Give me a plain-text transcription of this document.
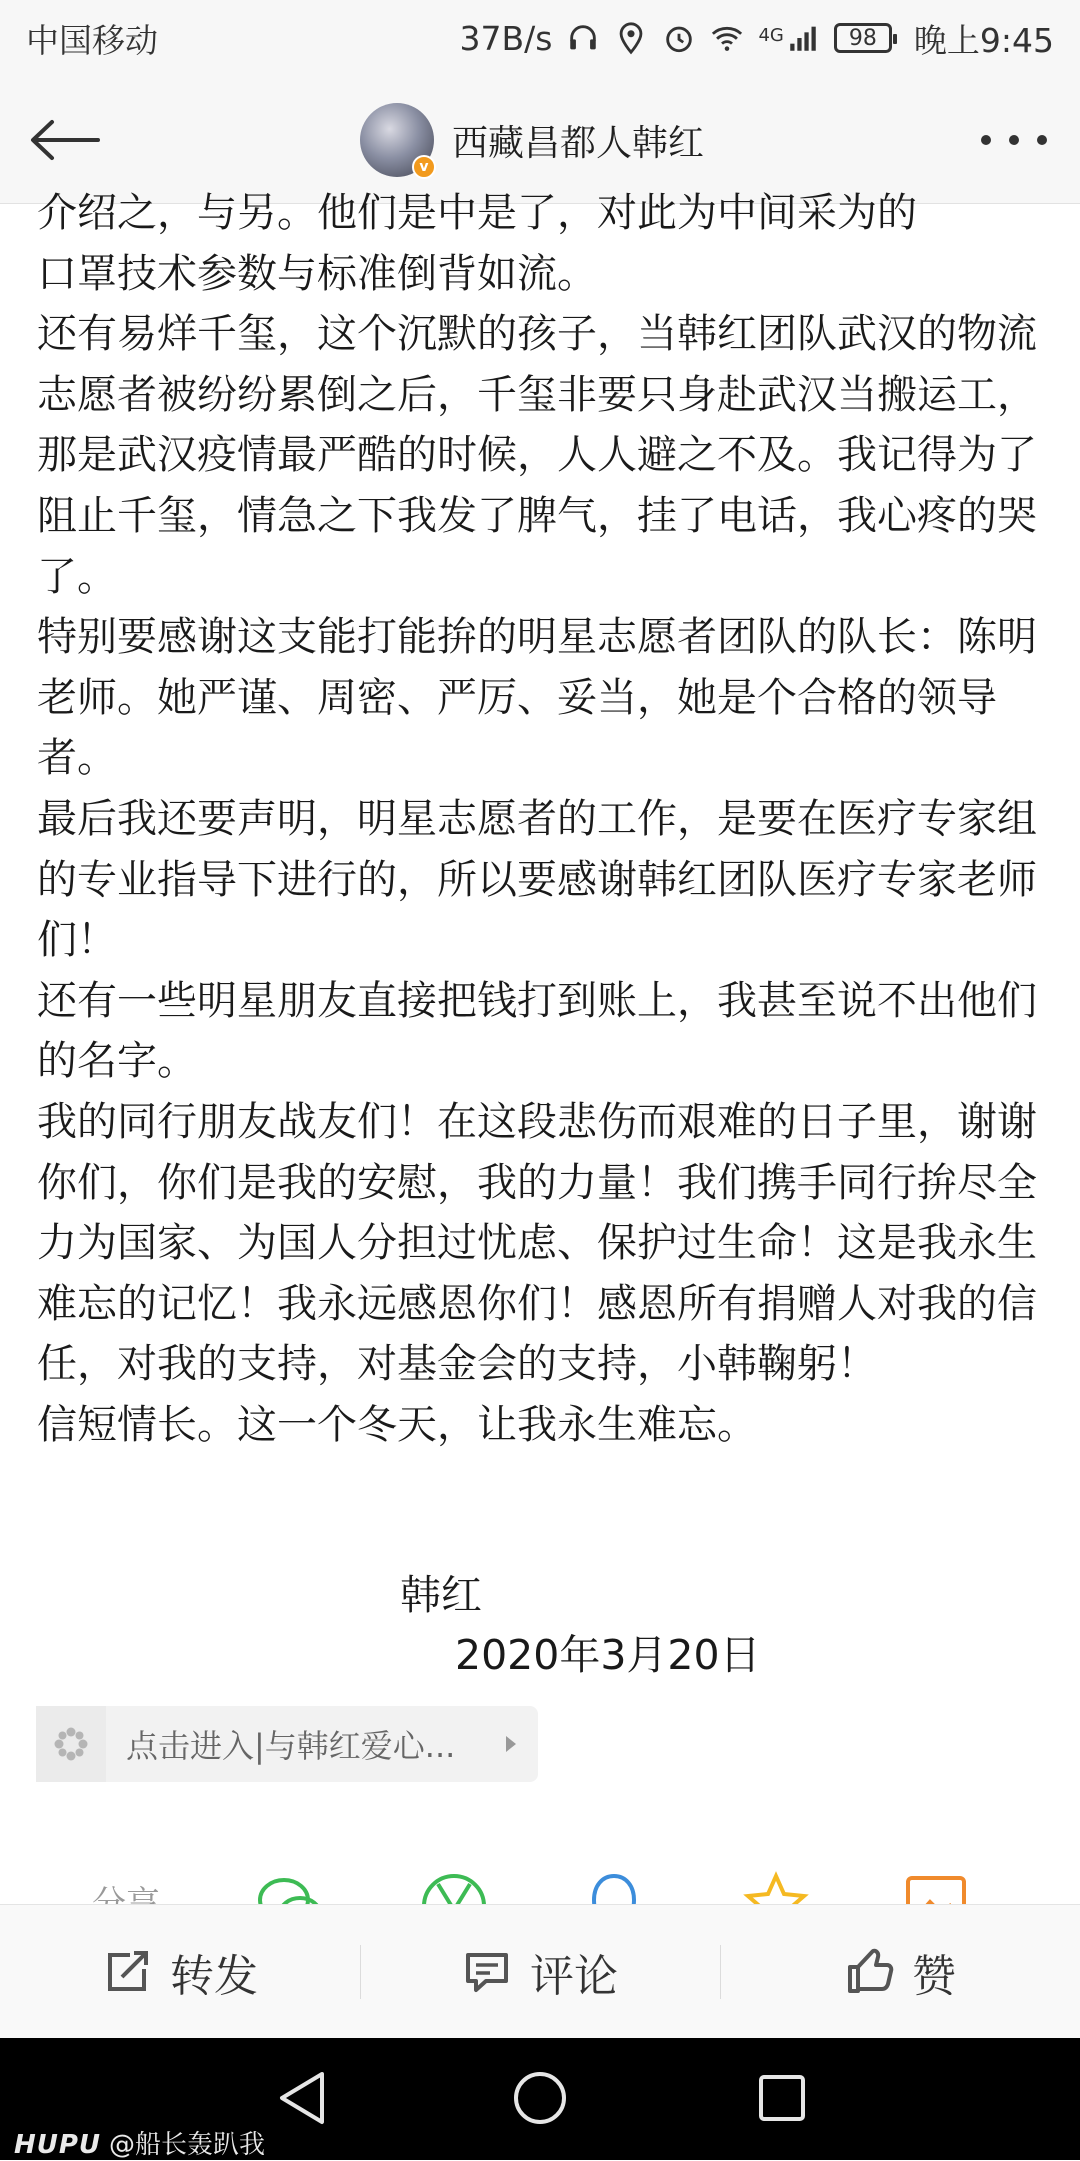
中国移动	37B/s	4G	98	晚上9:45
v
西藏昌都人韩红
介绍之，与另。他们是中是了，对此为中间采为的
口罩技术参数与标准倒背如流。
还有易烊千玺，这个沉默的孩子，当韩红团队武汉的物流志愿者被纷纷累倒之后，千玺非要只身赴武汉当搬运工，那是武汉疫情最严酷的时候，人人避之不及。我记得为了阻止千玺，情急之下我发了脾气，挂了电话，我心疼的哭了。
特别要感谢这支能打能拚的明星志愿者团队的队长：陈明老师。她严谨、周密、严厉、妥当，她是个合格的领导者。
最后我还要声明，明星志愿者的工作，是要在医疗专家组的专业指导下进行的，所以要感谢韩红团队医疗专家老师们！
还有一些明星朋友直接把钱打到账上，我甚至说不出他们的名字。
我的同行朋友战友们！在这段悲伤而艰难的日子里，谢谢你们，你们是我的安慰，我的力量！我们携手同行拚尽全力为国家、为国人分担过忧虑、保护过生命！这是我永生难忘的记忆！我永远感恩你们！感恩所有捐赠人对我的信任，对我的支持，对基金会的支持，小韩鞠躬！
信短情长。这一个冬天，让我永生难忘。
韩红
2020年3月20日
点击进入|与韩红爱心...
转发	评论	赞
HUPU @船长轰趴我
